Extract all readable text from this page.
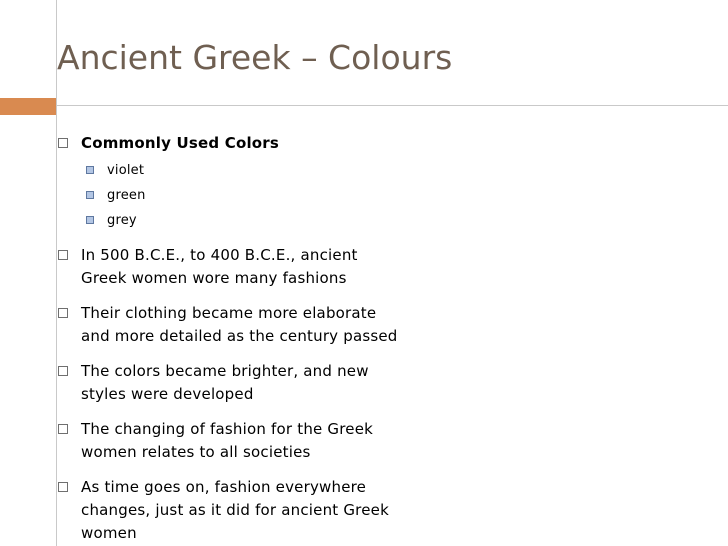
Ancient Greek – Colours
Commonly Used Colors
violet
green
grey
In 500 B.C.E., to 400 B.C.E., ancient
Greek women wore many fashions
Their clothing became more elaborate
and more detailed as the century passed
The colors became brighter, and new
styles were developed
The changing of fashion for the Greek
women relates to all societies
As time goes on, fashion everywhere
changes, just as it did for ancient Greek
women
